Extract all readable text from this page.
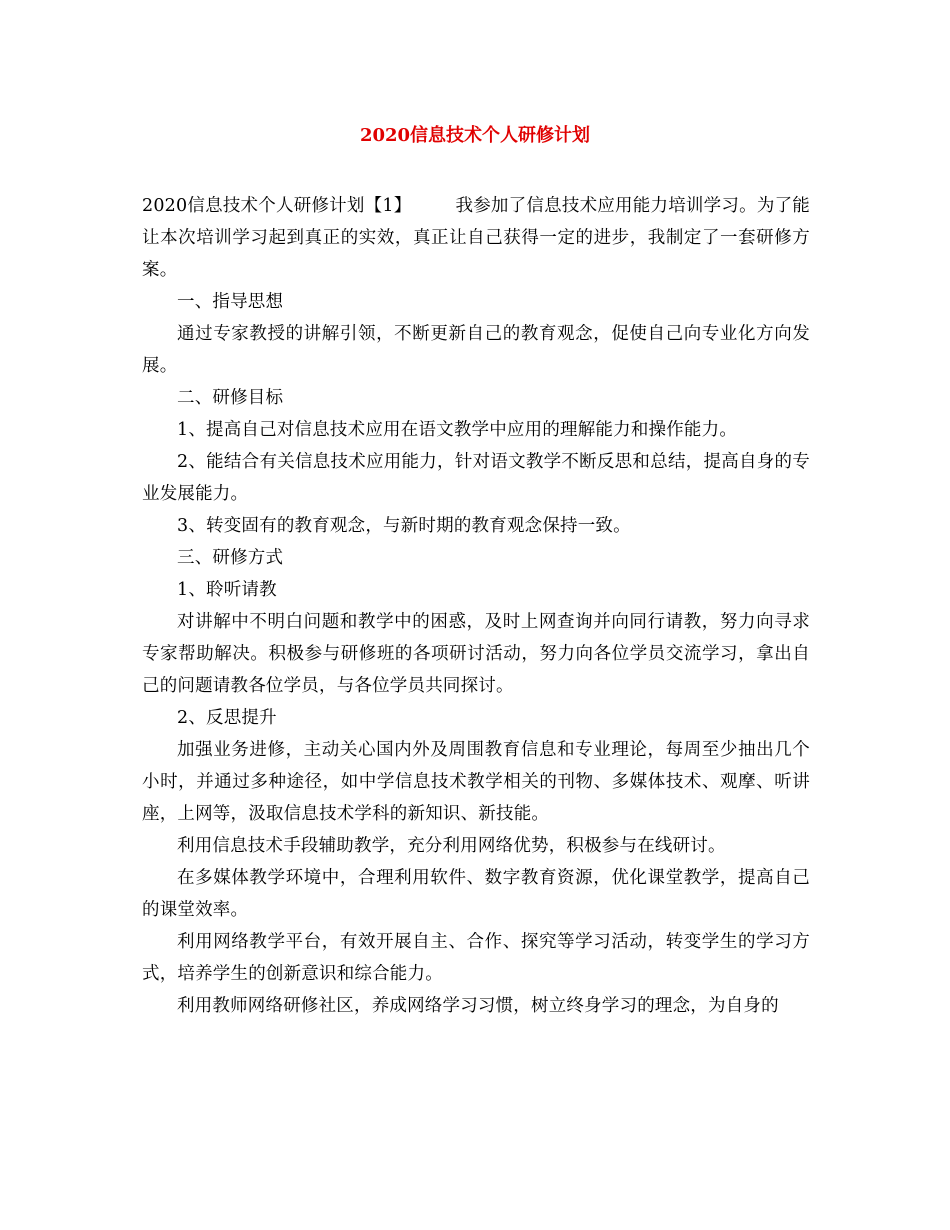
2020信息技术个人研修计划

2020信息技术个人研修计划【1】	我参加了信息技术应用能力培训学习。为了能让本次培训学习起到真正的实效，真正让自己获得一定的进步，我制定了一套研修方案。

一、指导思想

通过专家教授的讲解引领，不断更新自己的教育观念，促使自己向专业化方向发展。

二、研修目标

1、提高自己对信息技术应用在语文教学中应用的理解能力和操作能力。

2、能结合有关信息技术应用能力，针对语文教学不断反思和总结，提高自身的专业发展能力。

3、转变固有的教育观念，与新时期的教育观念保持一致。

三、研修方式

1、聆听请教

对讲解中不明白问题和教学中的困惑，及时上网查询并向同行请教，努力向寻求专家帮助解决。积极参与研修班的各项研讨活动，努力向各位学员交流学习，拿出自己的问题请教各位学员，与各位学员共同探讨。

2、反思提升

加强业务进修，主动关心国内外及周围教育信息和专业理论，每周至少抽出几个小时，并通过多种途径，如中学信息技术教学相关的刊物、多媒体技术、观摩、听讲座，上网等，汲取信息技术学科的新知识、新技能。

利用信息技术手段辅助教学，充分利用网络优势，积极参与在线研讨。

在多媒体教学环境中，合理利用软件、数字教育资源，优化课堂教学，提高自己的课堂效率。

利用网络教学平台，有效开展自主、合作、探究等学习活动，转变学生的学习方式，培养学生的创新意识和综合能力。

利用教师网络研修社区，养成网络学习习惯，树立终身学习的理念，为自身的
